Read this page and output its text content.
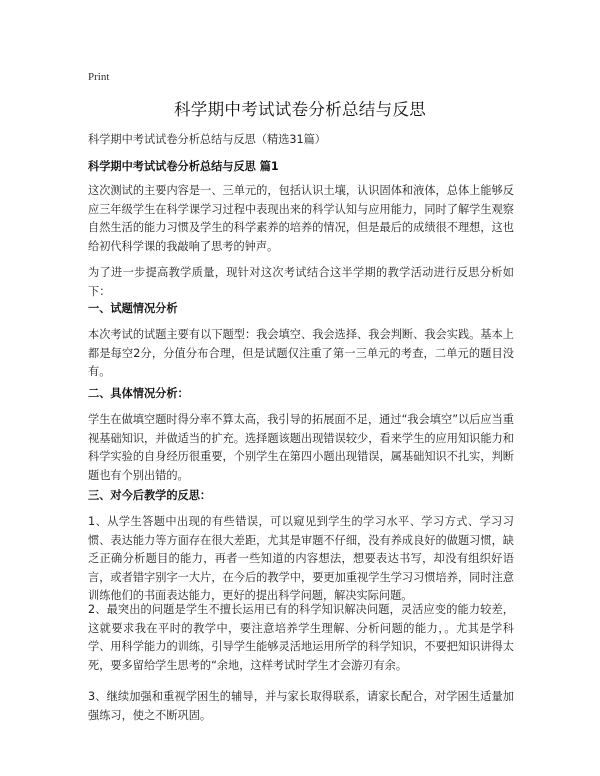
Print
科学期中考试试卷分析总结与反思
科学期中考试试卷分析总结与反思（精选31篇）
科学期中考试试卷分析总结与反思 篇1
这次测试的主要内容是一、三单元的，包括认识土壤，认识固体和液体，总体上能够反应三年级学生在科学课学习过程中表现出来的科学认知与应用能力，同时了解学生观察自然生活的能力习惯及学生的科学素养的培养的情况，但是最后的成绩很不理想，这也给初代科学课的我敲响了思考的钟声。
为了进一步提高教学质量，现针对这次考试结合这半学期的教学活动进行反思分析如下：
一、试题情况分析
本次考试的试题主要有以下题型：我会填空、我会选择、我会判断、我会实践。基本上都是每空2分，分值分布合理，但是试题仅注重了第一三单元的考查，二单元的题目没有。
二、具体情况分析：
学生在做填空题时得分率不算太高，我引导的拓展面不足，通过“我会填空”以后应当重视基础知识，并做适当的扩充。选择题该题出现错误较少，看来学生的应用知识能力和科学实验的自身经历很重要，个别学生在第四小题出现错误，属基础知识不扎实，判断题也有个别出错的。
三、对今后教学的反思：
1、从学生答题中出现的有些错误，可以窥见到学生的学习水平、学习方式、学习习惯、表达能力等方面存在很大差距，尤其是审题不仔细，没有养成良好的做题习惯，缺乏正确分析题目的能力，再者一些知道的内容想法，想要表达书写，却没有组织好语言，或者错字别字一大片，在今后的教学中，要更加重视学生学习习惯培养，同时注意训练他们的书面表达能力，更好的提出科学问题，解决实际问题。
2、最突出的问题是学生不擅长运用已有的科学知识解决问题，灵活应变的能力较差，这就要求我在平时的教学中，要注意培养学生理解、分析问题的能力，。尤其是学科学、用科学能力的训练，引导学生能够灵活地运用所学的科学知识，不要把知识讲得太死，要多留给学生思考的“余地，这样考试时学生才会游刃有余。
3、继续加强和重视学困生的辅导，并与家长取得联系，请家长配合，对学困生适量加强练习，使之不断巩固。
